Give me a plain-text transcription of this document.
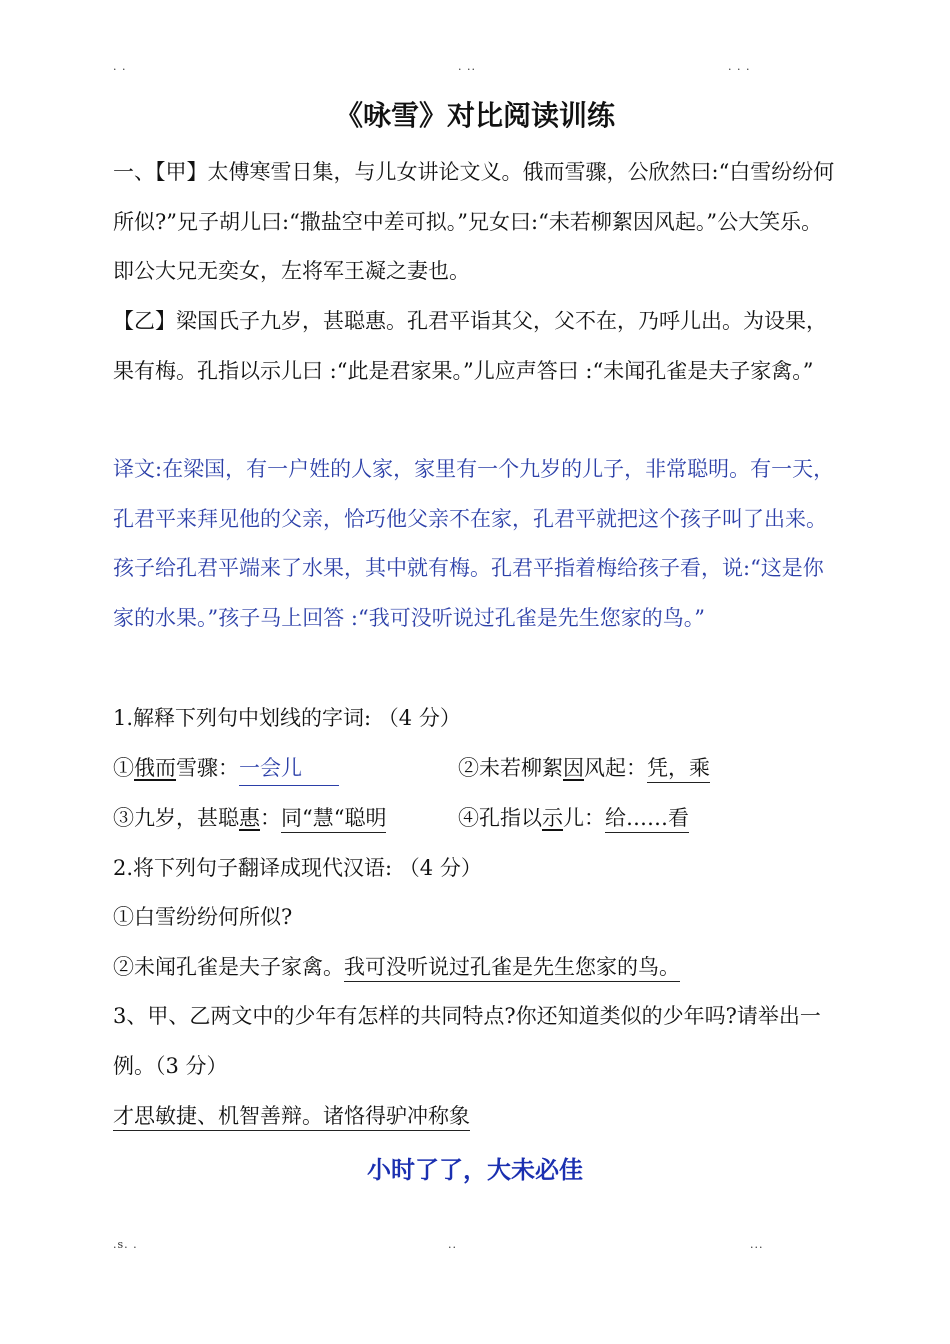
. .	. ..	. . .
《咏雪》对比阅读训练
一、【甲】太傅寒雪日集，与儿女讲论文义。俄而雪骤，公欣然曰:“白雪纷纷何所似?”兄子胡儿曰:“撒盐空中差可拟。”兄女曰:“未若柳絮因风起。”公大笑乐。即公大兄无奕女，左将军王凝之妻也。
【乙】梁国氏子九岁，甚聪惠。孔君平诣其父，父不在，乃呼儿出。为设果，果有梅。孔指以示儿曰 :“此是君家果。”儿应声答曰 :“未闻孔雀是夫子家禽。”
译文:在梁国，有一户姓的人家，家里有一个九岁的儿子，非常聪明。有一天，孔君平来拜见他的父亲，恰巧他父亲不在家，孔君平就把这个孩子叫了出来。孩子给孔君平端来了水果，其中就有梅。孔君平指着梅给孩子看，说:“这是你家的水果。”孩子马上回答 :“我可没听说过孔雀是先生您家的鸟。”
1.解释下列句中划线的字词: （4 分）
①俄而雪骤：一会儿	②未若柳絮因风起：凭，乘
③九岁，甚聪惠：同“慧“聪明	④孔指以示儿：给……看
2.将下列句子翻译成现代汉语: （4 分）
①白雪纷纷何所似?
②未闻孔雀是夫子家禽。我可没听说过孔雀是先生您家的鸟。
3、甲、乙两文中的少年有怎样的共同特点?你还知道类似的少年吗?请举出一例。（3 分）
才思敏捷、机智善辩。诸恪得驴冲称象
小时了了，大未必佳
.s. .	..	...
